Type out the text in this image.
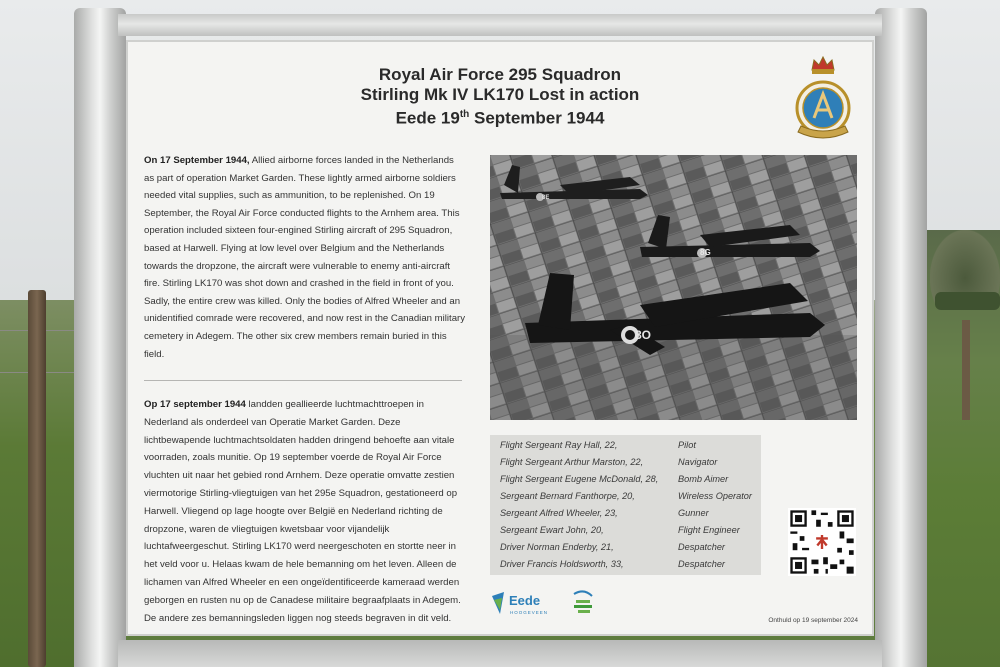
Royal Air Force 295 Squadron
Stirling Mk IV LK170 Lost in action
Eede 19th September 1944
On 17 September 1944, Allied airborne forces landed in the Netherlands as part of operation Market Garden. These lightly armed airborne soldiers needed vital supplies, such as ammunition, to be replenished. On 19 September, the Royal Air Force conducted flights to the Arnhem area. This operation included sixteen four-engined Stirling aircraft of 295 Squadron, based at Harwell. Flying at low level over Belgium and the Netherlands towards the dropzone, the aircraft were vulnerable to enemy anti-aircraft fire. Stirling LK170 was shot down and crashed in the field in front of you. Sadly, the entire crew was killed. Only the bodies of Alfred Wheeler and an unidentified comrade were recovered, and now rest in the Canadian military cemetery in Adegem. The other six crew members remain buried in this field.
Op 17 september 1944 landden geallieerde luchtmachttroepen in Nederland als onderdeel van Operatie Market Garden. Deze lichtbewapende luchtmachtsoldaten hadden dringend behoefte aan vitale voorraden, zoals munitie. Op 19 september voerde de Royal Air Force vluchten uit naar het gebied rond Arnhem. Deze operatie omvatte zestien viermotorige Stirling-vliegtuigen van het 295e Squadron, gestationeerd op Harwell. Vliegend op lage hoogte over België en Nederland richting de dropzone, waren de vliegtuigen kwetsbaar voor vijandelijk luchtafweergeschut. Stirling LK170 werd neergeschoten en stortte neer in het veld voor u. Helaas kwam de hele bemanning om het leven. Alleen de lichamen van Alfred Wheeler en een ongeïdentificeerde kameraad werden geborgen en rusten nu op de Canadese militaire begraafplaats in Adegem. De andere zes bemanningsleden liggen nog steeds begraven in dit veld.
8E
8G
8O
Flight Sergeant Ray Hall, 22,	Pilot
Flight Sergeant Arthur Marston, 22,	Navigator
Flight Sergeant Eugene McDonald, 28, Bomb Aimer
Sergeant Bernard Fanthorpe, 20,	Wireless Operator
Sergeant Alfred Wheeler, 23,	Gunner
Sergeant Ewart John, 20,	Flight Engineer
Driver Norman Enderby, 21,	Despatcher
Driver Francis Holdsworth, 33,	Despatcher
Eede
HOOGEVEEN
Onthuld op 19 september 2024
